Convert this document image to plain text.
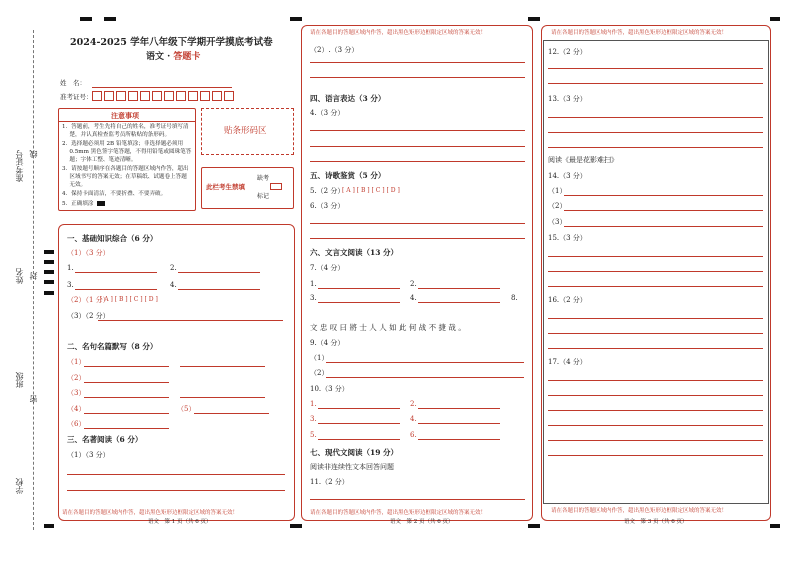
准考证号 线
姓名 封
班级
密
学校
2024-2025 学年八年级下学期开学摸底考试卷
语文 · 答题卡
姓　名：
准考证号：
注意事项
1．答题前，考生先将自己的姓名，准考证号填写清
　 楚，并认真检查监考员所粘贴的条形码。
2．选择题必须用 2B 铅笔填涂；非选择题必须用
　 0.5mm 黑色签字笔答题，不得用铅笔或圆珠笔答
　 题；字体工整、笔迹清晰。
3．请按题号顺序在各题目的答题区域内作答，超出
　 区域书写的答案无效；在草稿纸、试题卷上答题
　 无效。
4．保持卡面清洁，不要折叠、不要弄破。
5．正确填涂
贴条形码区
此栏考生禁填
缺考
标记
一、基础知识综合（6 分）
（1）（3 分）
1.	2.
3.	4.
（2）（1 分）
[ A ] [ B ] [ C ] [ D ]
（3）（2 分）
二、名句名篇默写（8 分）
（1）
（2）
（3）
（4）	（5）
（6）
三、名著阅读（6 分）
（1）（3 分）
请在各题目的答题区域内作答，超出黑色矩形边框限定区域的答案无效！
语文　第 1 页（共 6 页）
请在各题目的答题区域内作答，超出黑色矩形边框限定区域的答案无效！
（2）.（3 分）
四、语言表达（3 分）
4.（3 分）
五、诗歌鉴赏（5 分）
5.（2 分）
[ A ] [ B ] [ C ] [ D ]
6.（3 分）
六、文言文阅读（13 分）
7.（4 分）
1.	2.
3.	4.	8.
文 忠 叹 曰 將 士 人 人 如 此 何 战 不 捷 哉 。
9.（4 分）
（1）
（2）
10.（3 分）
1.	2.
3.	4.
5.	6.
七、现代文阅读（19 分）
阅读非连续性文本回答问题
11.（2 分）
请在各题目的答题区域内作答，超出黑色矩形边框限定区域的答案无效！
语文　第 2 页（共 6 页）
请在各题目的答题区域内作答，超出黑色矩形边框限定区域的答案无效！
12.（2 分）
13.（3 分）
阅读《最是花影难扫》
14.（3 分）
（1）
（2）
（3）
15.（3 分）
16.（2 分）
17.（4 分）
请在各题目的答题区域内作答，超出黑色矩形边框限定区域的答案无效！
语文　第 3 页（共 6 页）
